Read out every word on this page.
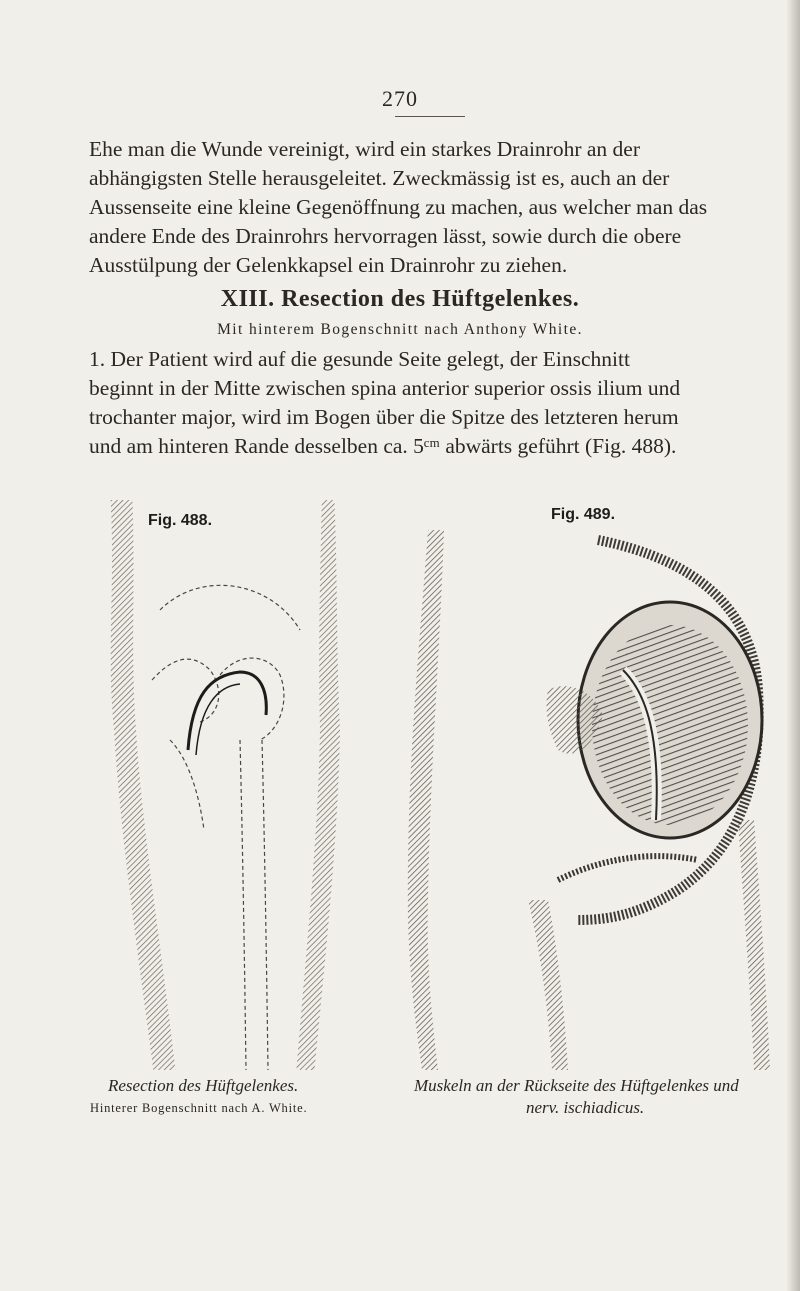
270
Ehe man die Wunde vereinigt, wird ein starkes Drainrohr an der
abhängigsten Stelle herausgeleitet. Zweckmässig ist es, auch an der
Aussenseite eine kleine Gegenöffnung zu machen, aus welcher man das
andere Ende des Drainrohrs hervorragen lässt, sowie durch die obere
Ausstülpung der Gelenkkapsel ein Drainrohr zu ziehen.
XIII. Resection des Hüftgelenkes.
Mit hinterem Bogenschnitt nach Anthony White.
1. Der Patient wird auf die gesunde Seite gelegt, der Einschnitt
beginnt in der Mitte zwischen spina anterior superior ossis ilium und
trochanter major, wird im Bogen über die Spitze des letzteren herum
und am hinteren Rande desselben ca. 5ᶜᵐ abwärts geführt (Fig. 488).
Fig. 488.	Fig. 489.
Resection des Hüftgelenkes.
Hinterer Bogenschnitt nach A. White.
Muskeln an der Rückseite des Hüftgelenkes und
nerv. ischiadicus.
